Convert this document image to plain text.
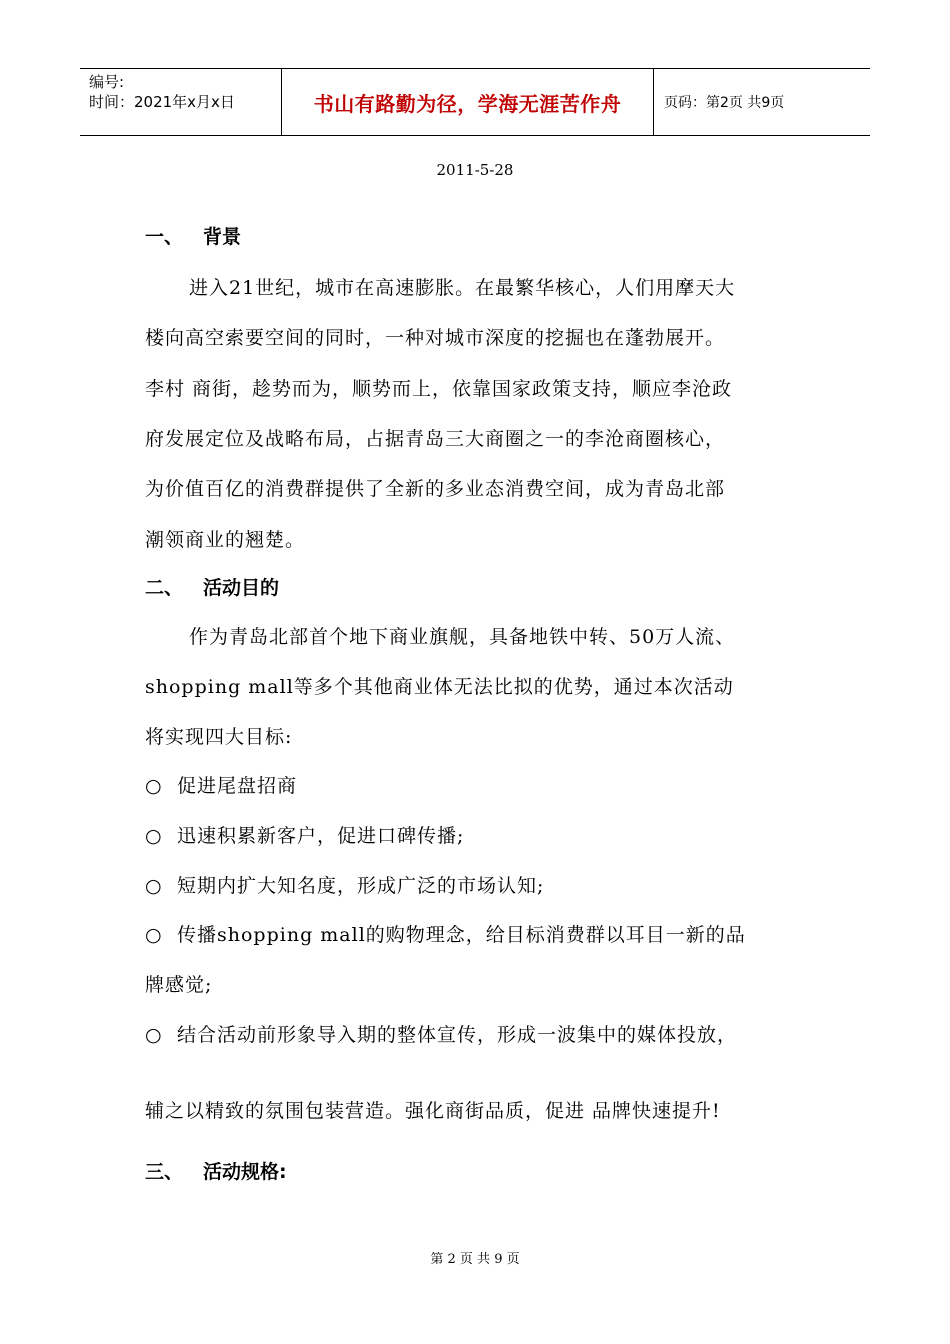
编号:
时间：2021年x月x日	书山有路勤为径，学海无涯苦作舟	页码：第2页 共9页
2011-5-28
一、 背景
进入21世纪，城市在高速膨胀。在最繁华核心，人们用摩天大
楼向高空索要空间的同时，一种对城市深度的挖掘也在蓬勃展开。
李村 商街，趁势而为，顺势而上，依靠国家政策支持，顺应李沧政
府发展定位及战略布局，占据青岛三大商圈之一的李沧商圈核心，
为价值百亿的消费群提供了全新的多业态消费空间，成为青岛北部
潮领商业的翘楚。
二、 活动目的
作为青岛北部首个地下商业旗舰，具备地铁中转、50万人流、
shopping mall等多个其他商业体无法比拟的优势，通过本次活动
将实现四大目标:
○ 促进尾盘招商
○ 迅速积累新客户，促进口碑传播;
○ 短期内扩大知名度，形成广泛的市场认知;
○ 传播shopping mall的购物理念，给目标消费群以耳目一新的品
牌感觉;
○ 结合活动前形象导入期的整体宣传，形成一波集中的媒体投放，
辅之以精致的氛围包装营造。强化商街品质，促进 品牌快速提升!
三、 活动规格:
第 2 页 共 9 页
